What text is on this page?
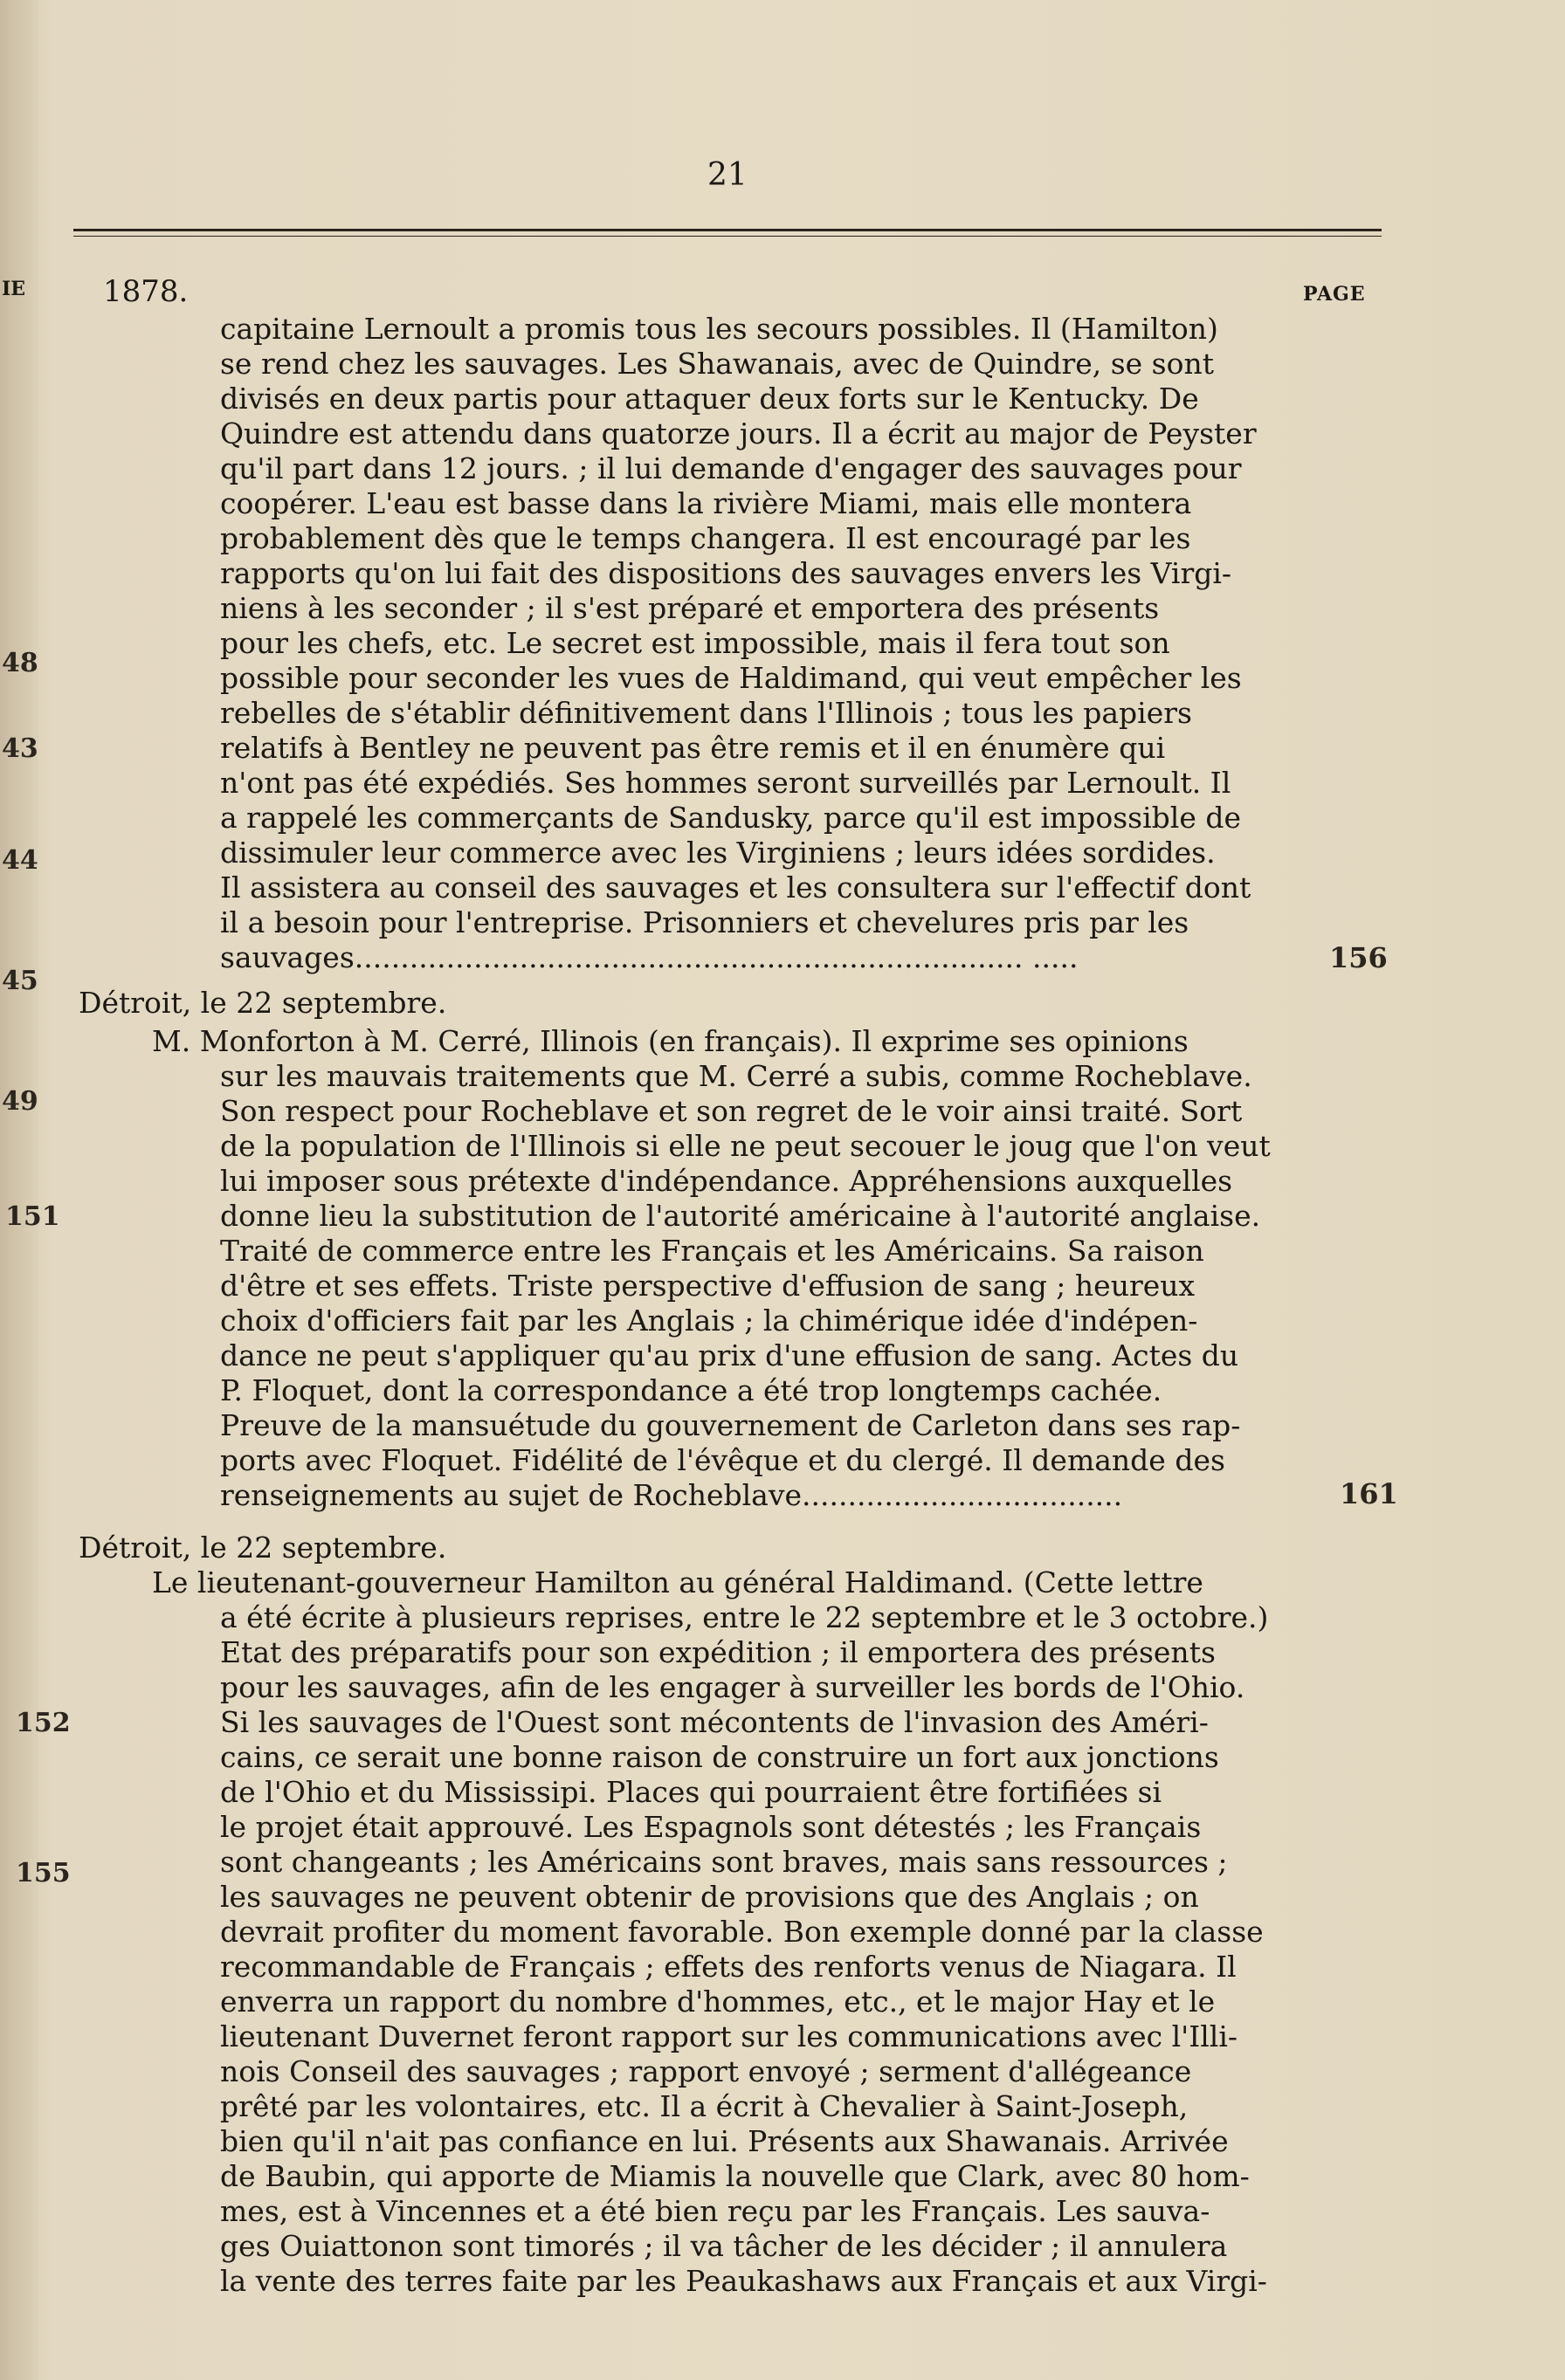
21
1878.	PAGE
IE
48
43
44
45
49
151
152
155
156
161
capitaine Lernoult a promis tous les secours possibles. Il (Hamilton)
se rend chez les sauvages. Les Shawanais, avec de Quindre, se sont
divisés en deux partis pour attaquer deux forts sur le Kentucky. De
Quindre est attendu dans quatorze jours. Il a écrit au major de Peyster
qu'il part dans 12 jours. ; il lui demande d'engager des sauvages pour
coopérer. L'eau est basse dans la rivière Miami, mais elle montera
probablement dès que le temps changera. Il est encouragé par les
rapports qu'on lui fait des dispositions des sauvages envers les Virgi-
niens à les seconder ; il s'est préparé et emportera des présents
pour les chefs, etc. Le secret est impossible, mais il fera tout son
possible pour seconder les vues de Haldimand, qui veut empêcher les
rebelles de s'établir définitivement dans l'Illinois ; tous les papiers
relatifs à Bentley ne peuvent pas être remis et il en énumère qui
n'ont pas été expédiés. Ses hommes seront surveillés par Lernoult. Il
a rappelé les commerçants de Sandusky, parce qu'il est impossible de
dissimuler leur commerce avec les Virginiens ; leurs idées sordides.
Il assistera au conseil des sauvages et les consultera sur l'effectif dont
il a besoin pour l'entreprise. Prisonniers et chevelures pris par les
sauvages......................................................................... .....
Détroit, le 22 septembre.
M. Monforton à M. Cerré, Illinois (en français). Il exprime ses opinions
sur les mauvais traitements que M. Cerré a subis, comme Rocheblave.
Son respect pour Rocheblave et son regret de le voir ainsi traité. Sort
de la population de l'Illinois si elle ne peut secouer le joug que l'on veut
lui imposer sous prétexte d'indépendance. Appréhensions auxquelles
donne lieu la substitution de l'autorité américaine à l'autorité anglaise.
Traité de commerce entre les Français et les Américains. Sa raison
d'être et ses effets. Triste perspective d'effusion de sang ; heureux
choix d'officiers fait par les Anglais ; la chimérique idée d'indépen-
dance ne peut s'appliquer qu'au prix d'une effusion de sang. Actes du
P. Floquet, dont la correspondance a été trop longtemps cachée.
Preuve de la mansuétude du gouvernement de Carleton dans ses rap-
ports avec Floquet. Fidélité de l'évêque et du clergé. Il demande des
renseignements au sujet de Rocheblave...................................
Détroit, le 22 septembre.
Le lieutenant-gouverneur Hamilton au général Haldimand. (Cette lettre
a été écrite à plusieurs reprises, entre le 22 septembre et le 3 octobre.)
Etat des préparatifs pour son expédition ; il emportera des présents
pour les sauvages, afin de les engager à surveiller les bords de l'Ohio.
Si les sauvages de l'Ouest sont mécontents de l'invasion des Améri-
cains, ce serait une bonne raison de construire un fort aux jonctions
de l'Ohio et du Mississipi. Places qui pourraient être fortifiées si
le projet était approuvé. Les Espagnols sont détestés ; les Français
sont changeants ; les Américains sont braves, mais sans ressources ;
les sauvages ne peuvent obtenir de provisions que des Anglais ; on
devrait profiter du moment favorable. Bon exemple donné par la classe
recommandable de Français ; effets des renforts venus de Niagara. Il
enverra un rapport du nombre d'hommes, etc., et le major Hay et le
lieutenant Duvernet feront rapport sur les communications avec l'Illi-
nois Conseil des sauvages ; rapport envoyé ; serment d'allégeance
prêté par les volontaires, etc. Il a écrit à Chevalier à Saint-Joseph,
bien qu'il n'ait pas confiance en lui. Présents aux Shawanais. Arrivée
de Baubin, qui apporte de Miamis la nouvelle que Clark, avec 80 hom-
mes, est à Vincennes et a été bien reçu par les Français. Les sauva-
ges Ouiattonon sont timorés ; il va tâcher de les décider ; il annulera
la vente des terres faite par les Peaukashaws aux Français et aux Virgi-
